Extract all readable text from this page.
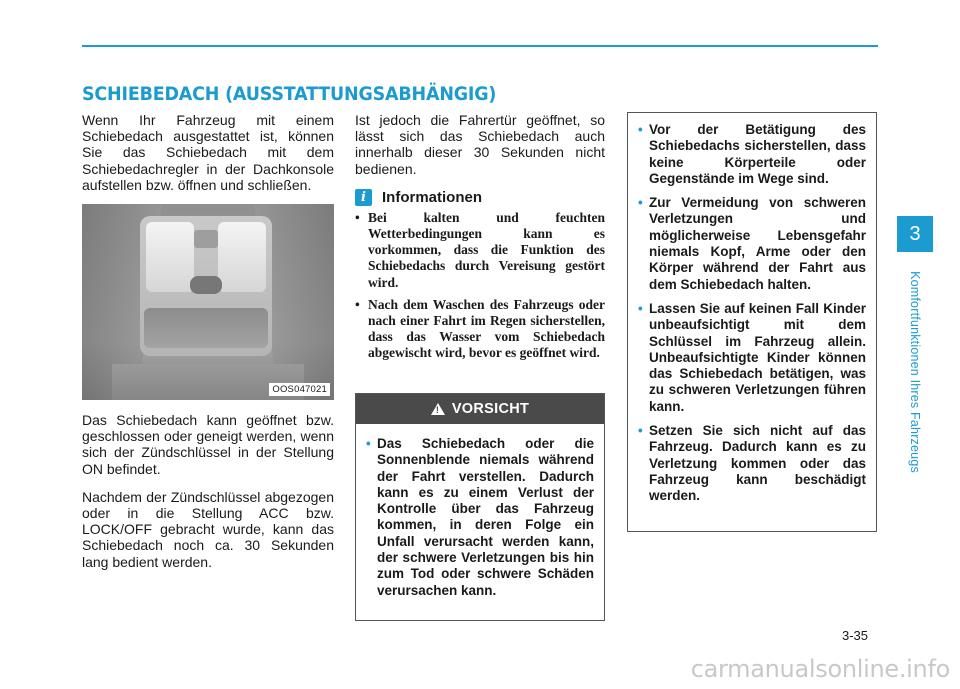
SCHIEBEDACH (AUSSTATTUNGSABHÄNGIG)

Wenn Ihr Fahrzeug mit einem Schiebedach ausgestattet ist, können Sie das Schiebedach mit dem Schiebedachregler in der Dachkonsole aufstellen bzw. öffnen und schließen.

OOS047021

Das Schiebedach kann geöffnet bzw. geschlossen oder geneigt werden, wenn sich der Zündschlüssel in der Stellung ON befindet.

Nachdem der Zündschlüssel abgezogen oder in die Stellung ACC bzw. LOCK/OFF gebracht wurde, kann das Schiebedach noch ca. 30 Sekunden lang bedient werden.

Ist jedoch die Fahrertür geöffnet, so lässt sich das Schiebedach auch innerhalb dieser 30 Sekunden nicht bedienen.

i	Informationen
• Bei kalten und feuchten Wetterbedingungen kann es vorkommen, dass die Funktion des Schiebedachs durch Vereisung gestört wird.
• Nach dem Waschen des Fahrzeugs oder nach einer Fahrt im Regen sicherstellen, dass das Wasser vom Schiebedach abgewischt wird, bevor es geöffnet wird.
! VORSICHT
• Das Schiebedach oder die Sonnenblende niemals während der Fahrt verstellen. Dadurch kann es zu einem Verlust der Kontrolle über das Fahrzeug kommen, in deren Folge ein Unfall verursacht werden kann, der schwere Verletzungen bis hin zum Tod oder schwere Schäden verursachen kann.
• Vor der Betätigung des Schiebedachs sicherstellen, dass keine Körperteile oder Gegenstände im Wege sind.
• Zur Vermeidung von schweren Verletzungen und möglicherweise Lebensgefahr niemals Kopf, Arme oder den Körper während der Fahrt aus dem Schiebedach halten.
• Lassen Sie auf keinen Fall Kinder unbeaufsichtigt mit dem Schlüssel im Fahrzeug allein. Unbeaufsichtigte Kinder können das Schiebedach betätigen, was zu schweren Verletzungen führen kann.
• Setzen Sie sich nicht auf das Fahrzeug. Dadurch kann es zu Verletzung kommen oder das Fahrzeug kann beschädigt werden.
3
Komfortfunktionen Ihres Fahrzeugs
3-35
carmanualsonline.info
